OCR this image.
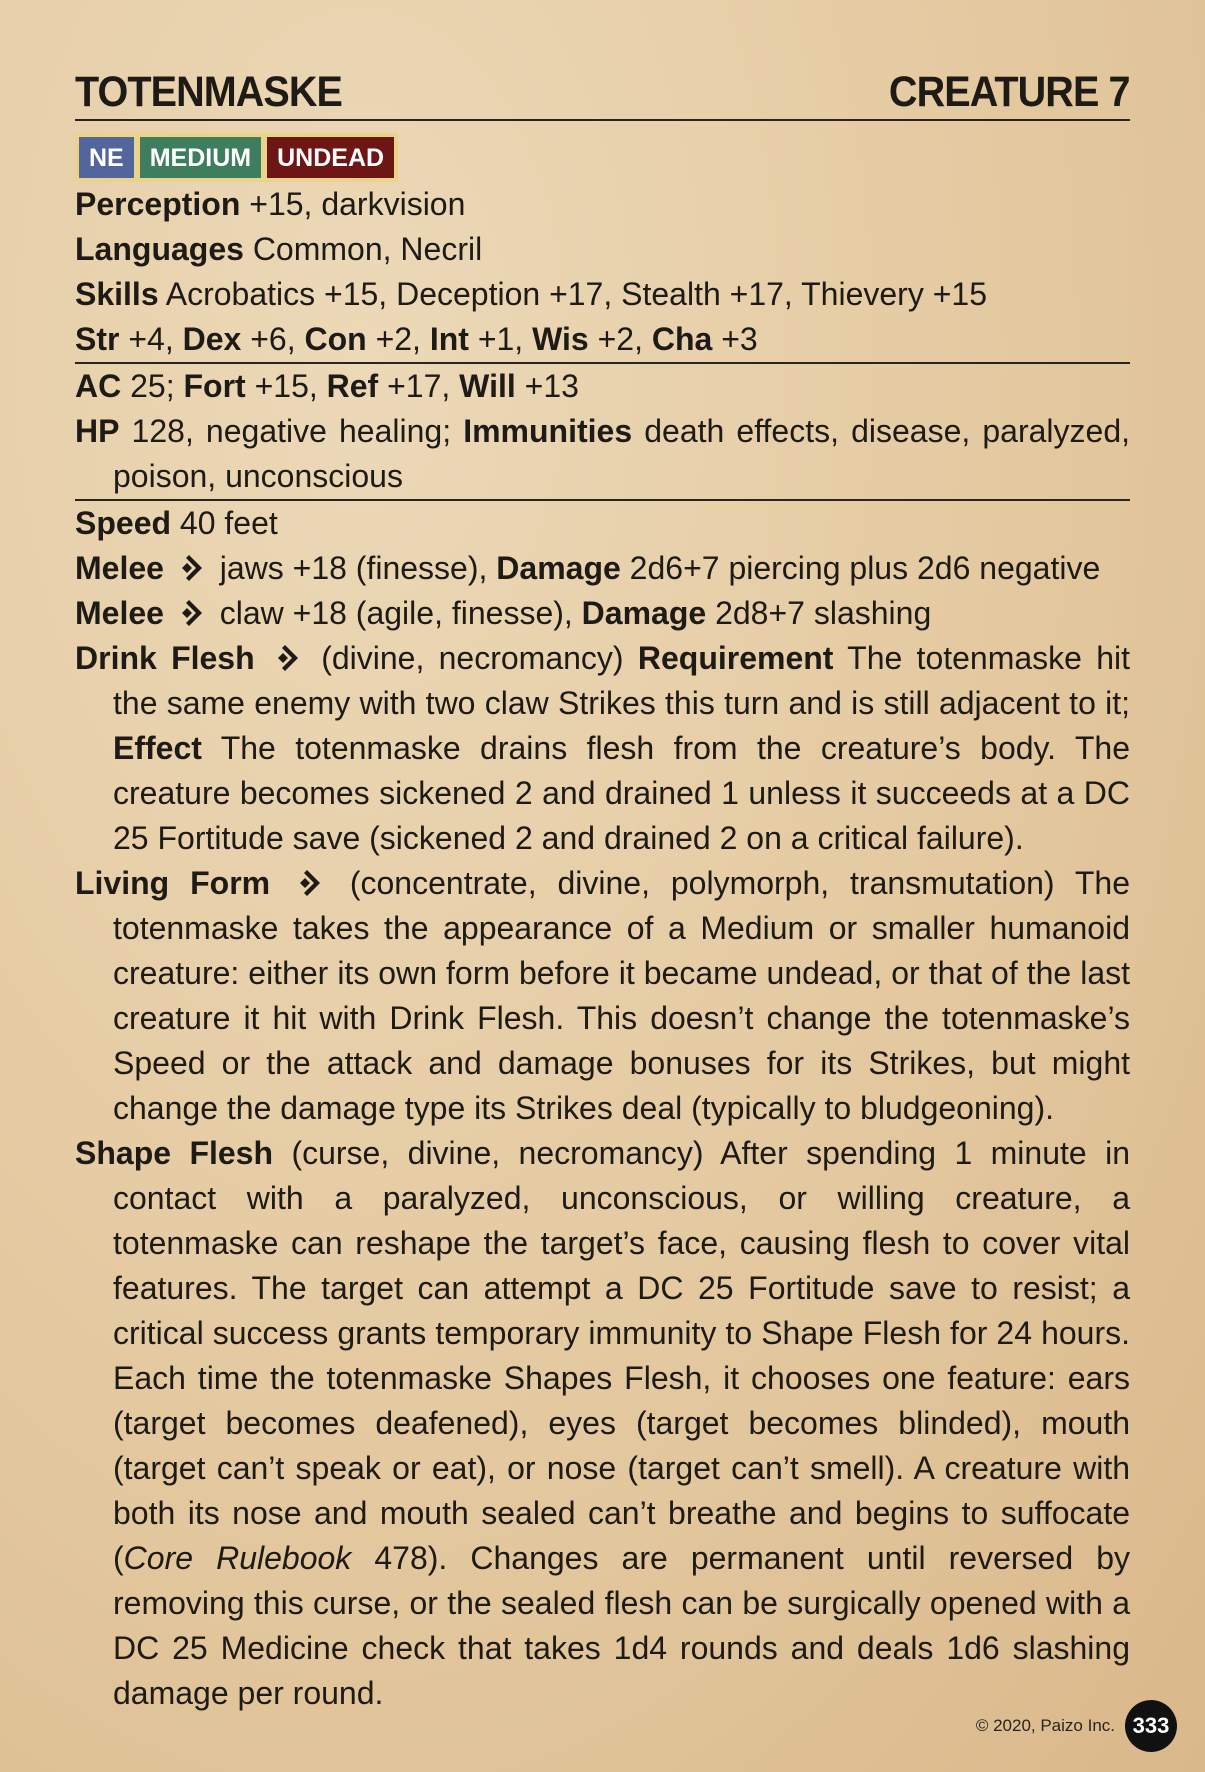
TOTENMASKE	CREATURE 7
NE	MEDIUM	UNDEAD
Perception +15, darkvision
Languages Common, Necril
Skills Acrobatics +15, Deception +17, Stealth +17, Thievery +15
Str +4, Dex +6, Con +2, Int +1, Wis +2, Cha +3
AC 25; Fort +15, Ref +17, Will +13
HP 128, negative healing; Immunities death effects, disease, paralyzed, poison, unconscious
Speed 40 feet
Melee  jaws +18 (finesse), Damage 2d6+7 piercing plus 2d6 negative
Melee  claw +18 (agile, finesse), Damage 2d8+7 slashing
Drink Flesh  (divine, necromancy) Requirement The totenmaske hit the same enemy with two claw Strikes this turn and is still adjacent to it; Effect The totenmaske drains flesh from the creature’s body. The creature becomes sickened 2 and drained 1 unless it succeeds at a DC 25 Fortitude save (sickened 2 and drained 2 on a critical failure).
Living Form  (concentrate, divine, polymorph, transmutation) The totenmaske takes the appearance of a Medium or smaller humanoid creature: either its own form before it became undead, or that of the last creature it hit with Drink Flesh. This doesn’t change the totenmaske’s Speed or the attack and damage bonuses for its Strikes, but might change the damage type its Strikes deal (typically to bludgeoning).
Shape Flesh (curse, divine, necromancy) After spending 1 minute in contact with a paralyzed, unconscious, or willing creature, a totenmaske can reshape the target’s face, causing flesh to cover vital features. The target can attempt a DC 25 Fortitude save to resist; a critical success grants temporary immunity to Shape Flesh for 24 hours. Each time the totenmaske Shapes Flesh, it chooses one feature: ears (target becomes deafened), eyes (target becomes blinded), mouth (target can’t speak or eat), or nose (target can’t smell). A creature with both its nose and mouth sealed can’t breathe and begins to suffocate (Core Rulebook 478). Changes are permanent until reversed by removing this curse, or the sealed flesh can be surgically opened with a DC 25 Medicine check that takes 1d4 rounds and deals 1d6 slashing damage per round.
© 2020, Paizo Inc. 333
